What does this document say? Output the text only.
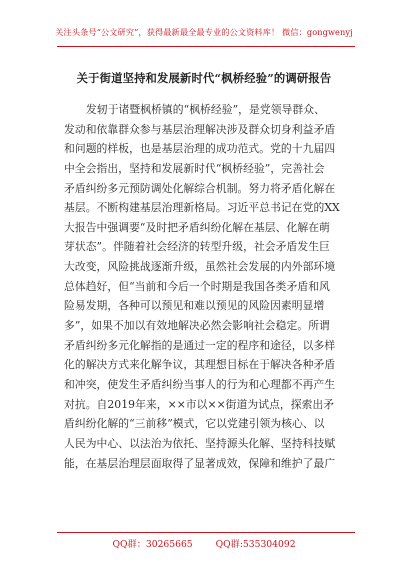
关注头条号“公文研究”，获得最新最全最专业的公文资料库！ 微信：gongwenyj
关于街道坚持和发展新时代“枫桥经验”的调研报告
发轫于诸暨枫桥镇的“枫桥经验”，是党领导群众、
发动和依靠群众参与基层治理解决涉及群众切身利益矛盾
和问题的样板，也是基层治理的成功范式。党的十九届四
中全会指出，坚持和发展新时代“枫桥经验”，完善社会
矛盾纠纷多元预防调处化解综合机制。努力将矛盾化解在
基层。不断构建基层治理新格局。习近平总书记在党的XX
大报告中强调要“及时把矛盾纠纷化解在基层、化解在萌
芽状态”。伴随着社会经济的转型升级，社会矛盾发生巨
大改变，风险挑战逐渐升级，虽然社会发展的内外部环境
总体趋好，但“当前和今后一个时期是我国各类矛盾和风
险易发期，各种可以预见和难以预见的风险因素明显增
多”，如果不加以有效地解决必然会影响社会稳定。所谓
矛盾纠纷多元化解指的是通过一定的程序和途径，以多样
化的解决方式来化解争议，其理想目标在于解决各种矛盾
和冲突，使发生矛盾纠纷当事人的行为和心理都不再产生
对抗。自2019年来，××市以××街道为试点，探索出矛
盾纠纷化解的“三前移”模式，它以党建引领为核心、以
人民为中心、以法治为依托、坚持源头化解、坚持科技赋
能，在基层治理层面取得了显著成效，保障和维护了最广
QQ群：30265665 QQ群:535304092
